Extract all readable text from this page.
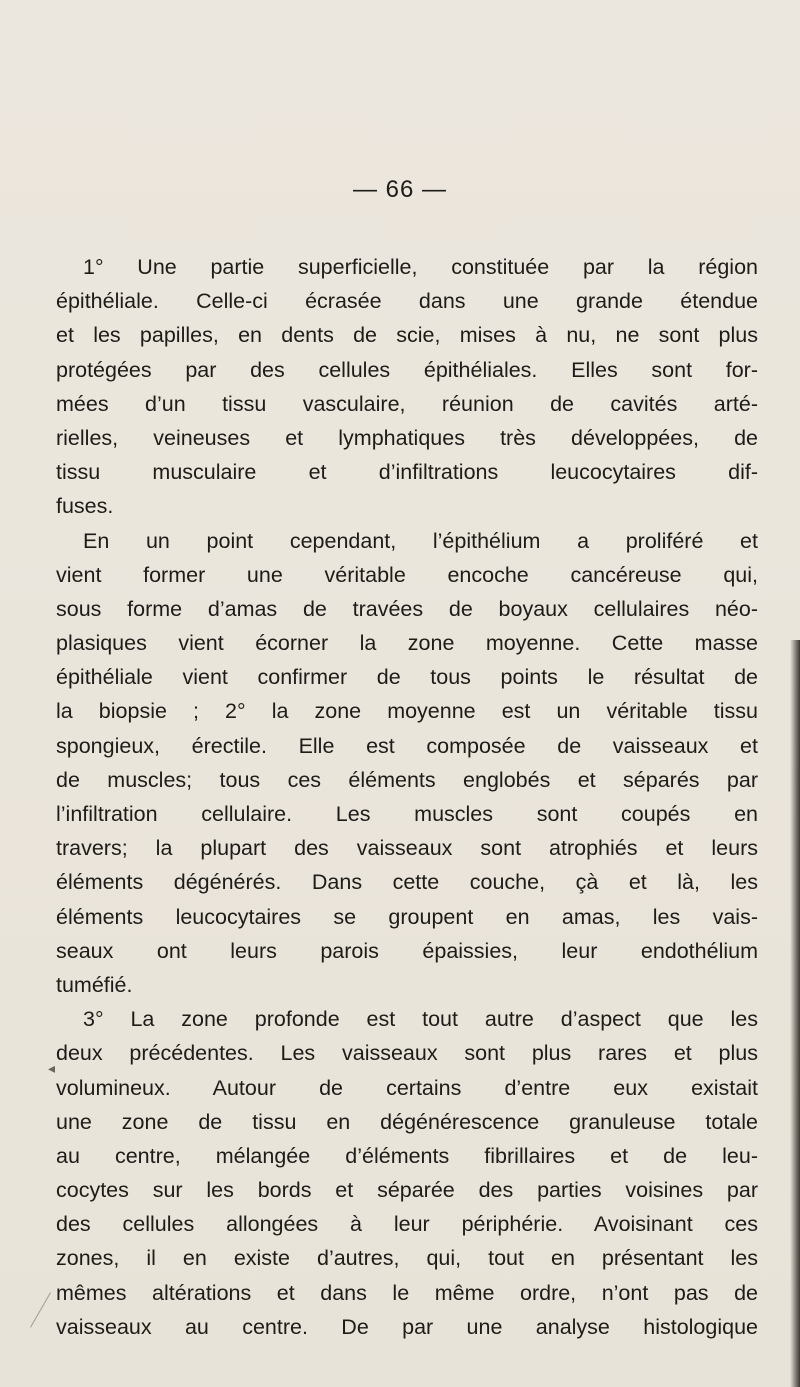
— 66 —

1° Une partie superficielle, constituée par la région
épithéliale. Celle-ci écrasée dans une grande étendue
et les papilles, en dents de scie, mises à nu, ne sont plus
protégées par des cellules épithéliales. Elles sont for-
mées d’un tissu vasculaire, réunion de cavités arté-
rielles, veineuses et lymphatiques très développées, de
tissu musculaire et d’infiltrations leucocytaires dif-
fuses.
En un point cependant, l’épithélium a proliféré et
vient former une véritable encoche cancéreuse qui,
sous forme d’amas de travées de boyaux cellulaires néo-
plasiques vient écorner la zone moyenne. Cette masse
épithéliale vient confirmer de tous points le résultat de
la biopsie ; 2° la zone moyenne est un véritable tissu
spongieux, érectile. Elle est composée de vaisseaux et
de muscles; tous ces éléments englobés et séparés par
l’infiltration cellulaire. Les muscles sont coupés en
travers; la plupart des vaisseaux sont atrophiés et leurs
éléments dégénérés. Dans cette couche, çà et là, les
éléments leucocytaires se groupent en amas, les vais-
seaux ont leurs parois épaissies, leur endothélium
tuméfié.
3° La zone profonde est tout autre d’aspect que les
deux précédentes. Les vaisseaux sont plus rares et plus
volumineux. Autour de certains d’entre eux existait
une zone de tissu en dégénérescence granuleuse totale
au centre, mélangée d’éléments fibrillaires et de leu-
cocytes sur les bords et séparée des parties voisines par
des cellules allongées à leur périphérie. Avoisinant ces
zones, il en existe d’autres, qui, tout en présentant les
mêmes altérations et dans le même ordre, n’ont pas de
vaisseaux au centre. De par une analyse histologique
◂
